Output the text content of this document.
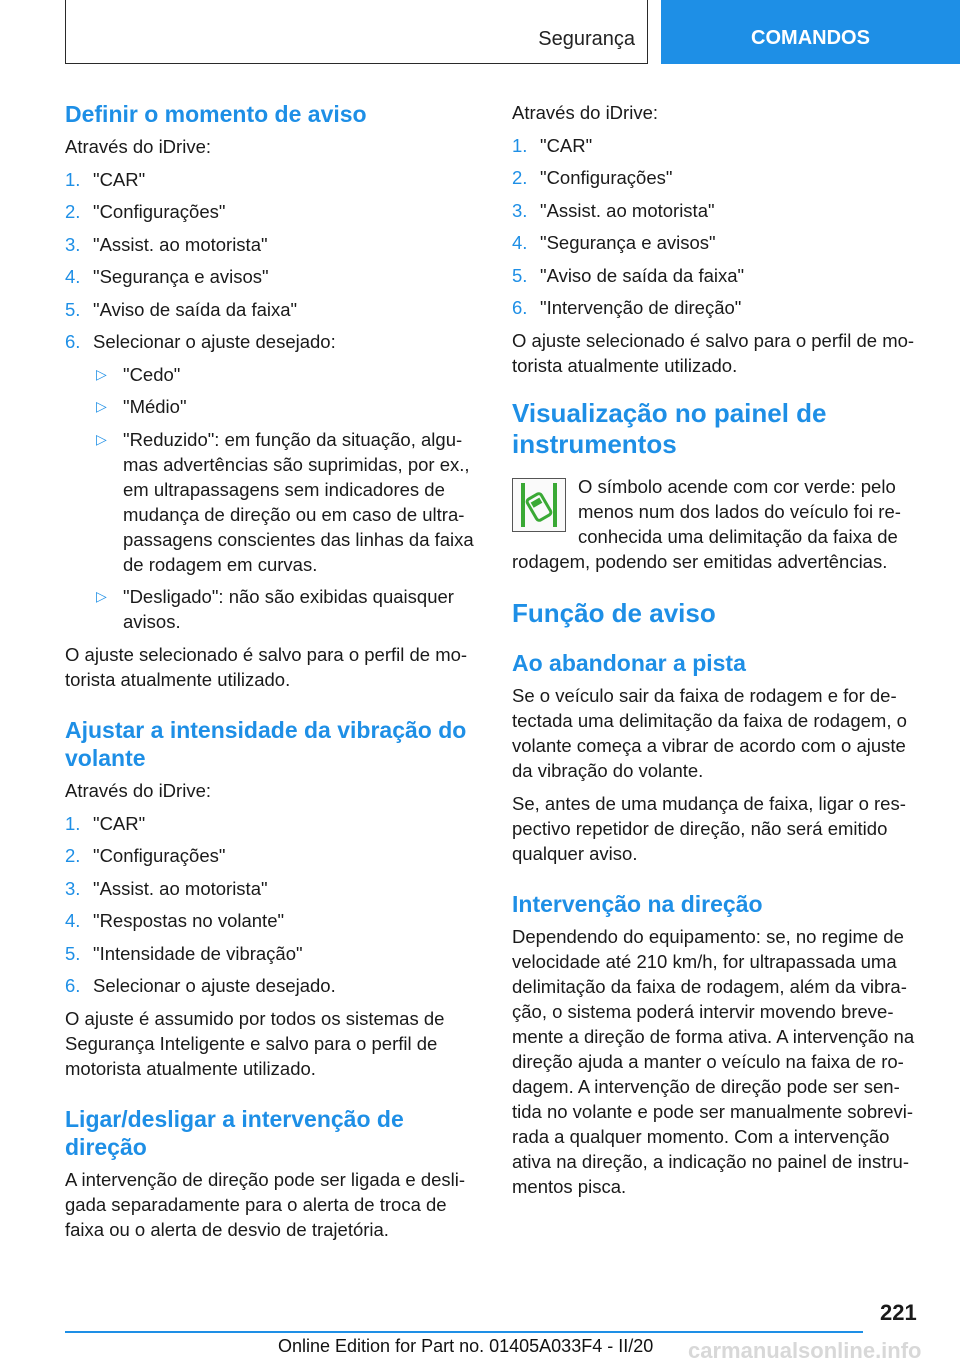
Segurança	COMANDOS
Definir o momento de aviso

Através do iDrive:

1. "CAR"
2. "Configurações"
3. "Assist. ao motorista"
4. "Segurança e avisos"
5. "Aviso de saída da faixa"
6. Selecionar o ajuste desejado:
▷ "Cedo"
▷ "Médio"
▷ "Reduzido": em função da situação, algu-mas advertências são suprimidas, por ex., em ultrapassagens sem indicadores de mudança de direção ou em caso de ultra-passagens conscientes das linhas da faixa de rodagem em curvas.
▷ "Desligado": não são exibidas quaisquer avisos.

O ajuste selecionado é salvo para o perfil de mo-torista atualmente utilizado.

Ajustar a intensidade da vibração do volante

Através do iDrive:

1. "CAR"
2. "Configurações"
3. "Assist. ao motorista"
4. "Respostas no volante"
5. "Intensidade de vibração"
6. Selecionar o ajuste desejado.

O ajuste é assumido por todos os sistemas de Segurança Inteligente e salvo para o perfil de motorista atualmente utilizado.

Ligar/desligar a intervenção de direção

A intervenção de direção pode ser ligada e desli-gada separadamente para o alerta de troca de faixa ou o alerta de desvio de trajetória.

Através do iDrive:

1. "CAR"
2. "Configurações"
3. "Assist. ao motorista"
4. "Segurança e avisos"
5. "Aviso de saída da faixa"
6. "Intervenção de direção"

O ajuste selecionado é salvo para o perfil de mo-torista atualmente utilizado.

Visualização no painel de instrumentos

O símbolo acende com cor verde: pelo menos num dos lados do veículo foi re-conhecida uma delimitação da faixa de rodagem, podendo ser emitidas advertências.

Função de aviso
Ao abandonar a pista

Se o veículo sair da faixa de rodagem e for de-tectada uma delimitação da faixa de rodagem, o volante começa a vibrar de acordo com o ajuste da vibração do volante.

Se, antes de uma mudança de faixa, ligar o res-pectivo repetidor de direção, não será emitido qualquer aviso.

Intervenção na direção

Dependendo do equipamento: se, no regime de velocidade até 210 km/h, for ultrapassada uma delimitação da faixa de rodagem, além da vibra-ção, o sistema poderá intervir movendo breve-mente a direção de forma ativa. A intervenção na direção ajuda a manter o veículo na faixa de ro-dagem. A intervenção de direção pode ser sen-tida no volante e pode ser manualmente sobrevi-rada a qualquer momento. Com a intervenção ativa na direção, a indicação no painel de instru-mentos pisca.

221
Online Edition for Part no. 01405A033F4 - II/20 carmanualsonline.info
